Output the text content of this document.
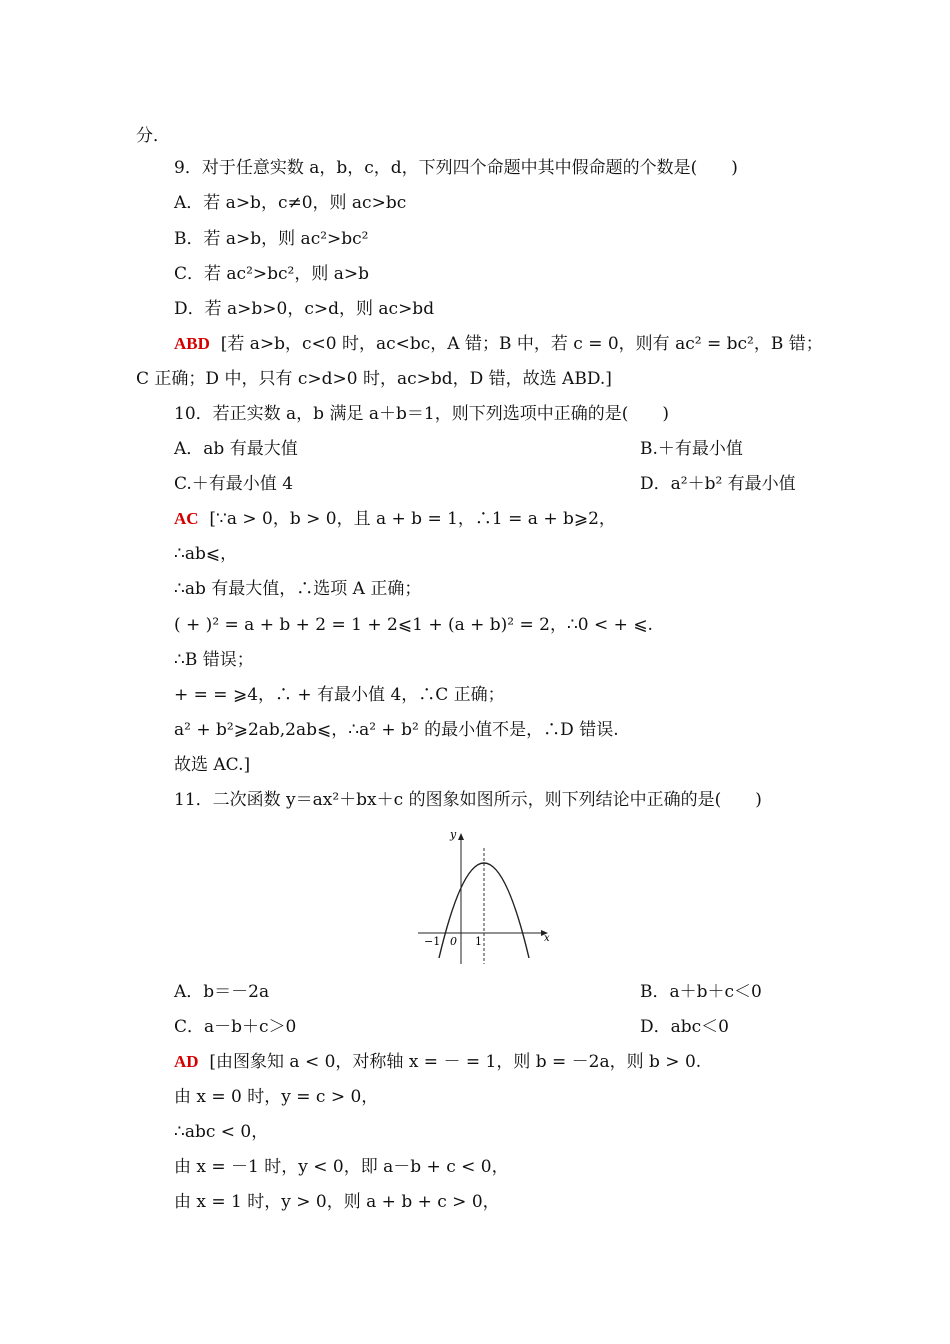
分．
9．对于任意实数 a，b，c，d，下列四个命题中其中假命题的个数是(　　)
A．若 a>b，c≠0，则 ac>bc
B．若 a>b，则 ac²>bc²
C．若 ac²>bc²，则 a>b
D．若 a>b>0，c>d，则 ac>bd
ABD [若 a>b，c<0 时，ac<bc，A 错；B 中，若 c = 0，则有 ac² = bc²，B 错；
C 正确；D 中，只有 c>d>0 时，ac>bd，D 错，故选 ABD.]
10．若正实数 a，b 满足 a＋b＝1，则下列选项中正确的是(　　)
A．ab 有最大值	B.＋有最小值
C.＋有最小值 4	D．a²＋b² 有最小值
AC [∵a > 0，b > 0，且 a + b = 1，∴1 = a + b⩾2，
∴ab⩽，
∴ab 有最大值，∴选项 A 正确；
( + )² = a + b + 2 = 1 + 2⩽1 + (a + b)² = 2，∴0 < + ⩽.
∴B 错误；
+ = = ⩾4，∴ + 有最小值 4，∴C 正确；
a² + b²⩾2ab,2ab⩽，∴a² + b² 的最小值不是，∴D 错误.
故选 AC.]
11．二次函数 y＝ax²＋bx＋c 的图象如图所示，则下列结论中正确的是(　　)
y
x
−1 0 1
A．b＝－2a	B．a＋b＋c＜0
C．a－b＋c＞0	D．abc＜0
AD [由图象知 a < 0，对称轴 x = － = 1，则 b = －2a，则 b > 0.
由 x = 0 时，y = c > 0，
∴abc < 0，
由 x = －1 时，y < 0，即 a－b + c < 0，
由 x = 1 时，y > 0，则 a + b + c > 0，
